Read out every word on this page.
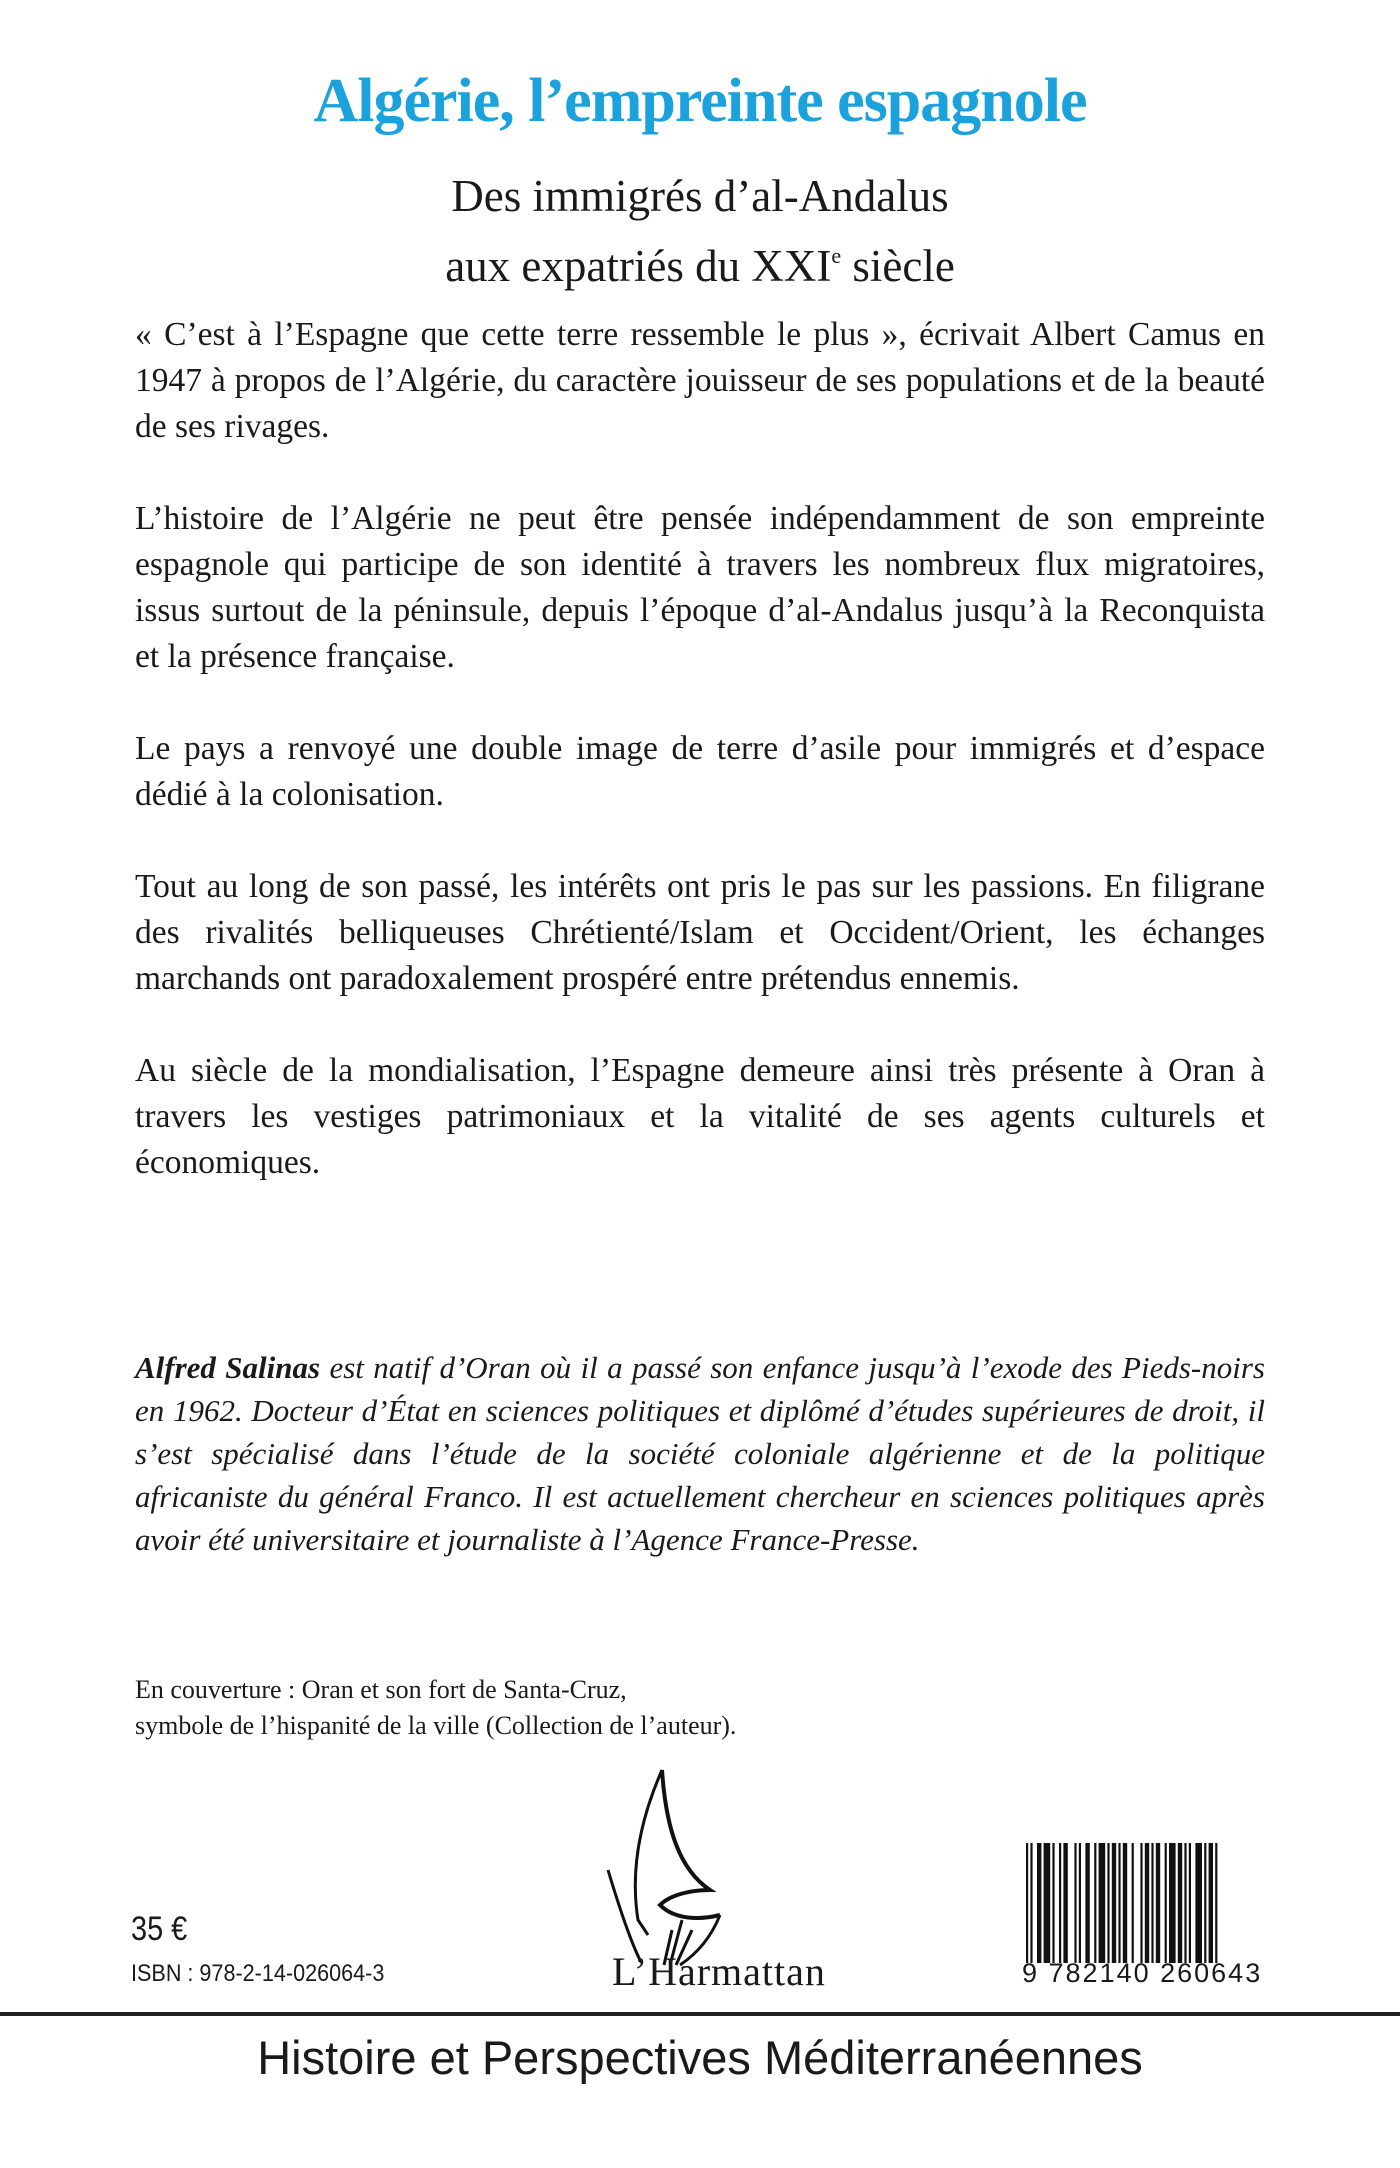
Algérie, l’empreinte espagnole
Des immigrés d’al-Andalus
aux expatriés du XXIe siècle

« C’est à l’Espagne que cette terre ressemble le plus », écrivait Albert Camus en 1947 à propos de l’Algérie, du caractère jouisseur de ses populations et de la beauté de ses rivages.

L’histoire de l’Algérie ne peut être pensée indépendamment de son empreinte espagnole qui participe de son identité à travers les nombreux flux migratoires, issus surtout de la péninsule, depuis l’époque d’al-Andalus jusqu’à la Reconquista et la présence française.

Le pays a renvoyé une double image de terre d’asile pour immigrés et d’espace dédié à la colonisation.

Tout au long de son passé, les intérêts ont pris le pas sur les passions. En filigrane des rivalités belliqueuses Chrétienté/Islam et Occident/Orient, les échanges marchands ont paradoxalement prospéré entre prétendus ennemis.

Au siècle de la mondialisation, l’Espagne demeure ainsi très présente à Oran à travers les vestiges patrimoniaux et la vitalité de ses agents culturels et économiques.

Alfred Salinas est natif d’Oran où il a passé son enfance jusqu’à l’exode des Pieds-noirs en 1962. Docteur d’État en sciences politiques et diplômé d’études supérieures de droit, il s’est spécialisé dans l’étude de la société coloniale algérienne et de la politique africaniste du général Franco. Il est actuellement chercheur en sciences politiques après avoir été universitaire et journaliste à l’Agence France-Presse.
En couverture : Oran et son fort de Santa-Cruz,
symbole de l’hispanité de la ville (Collection de l’auteur).
35 €
ISBN : 978-2-14-026064-3	L’Harmattan	9 782140 260643
Histoire et Perspectives Méditerranéennes
